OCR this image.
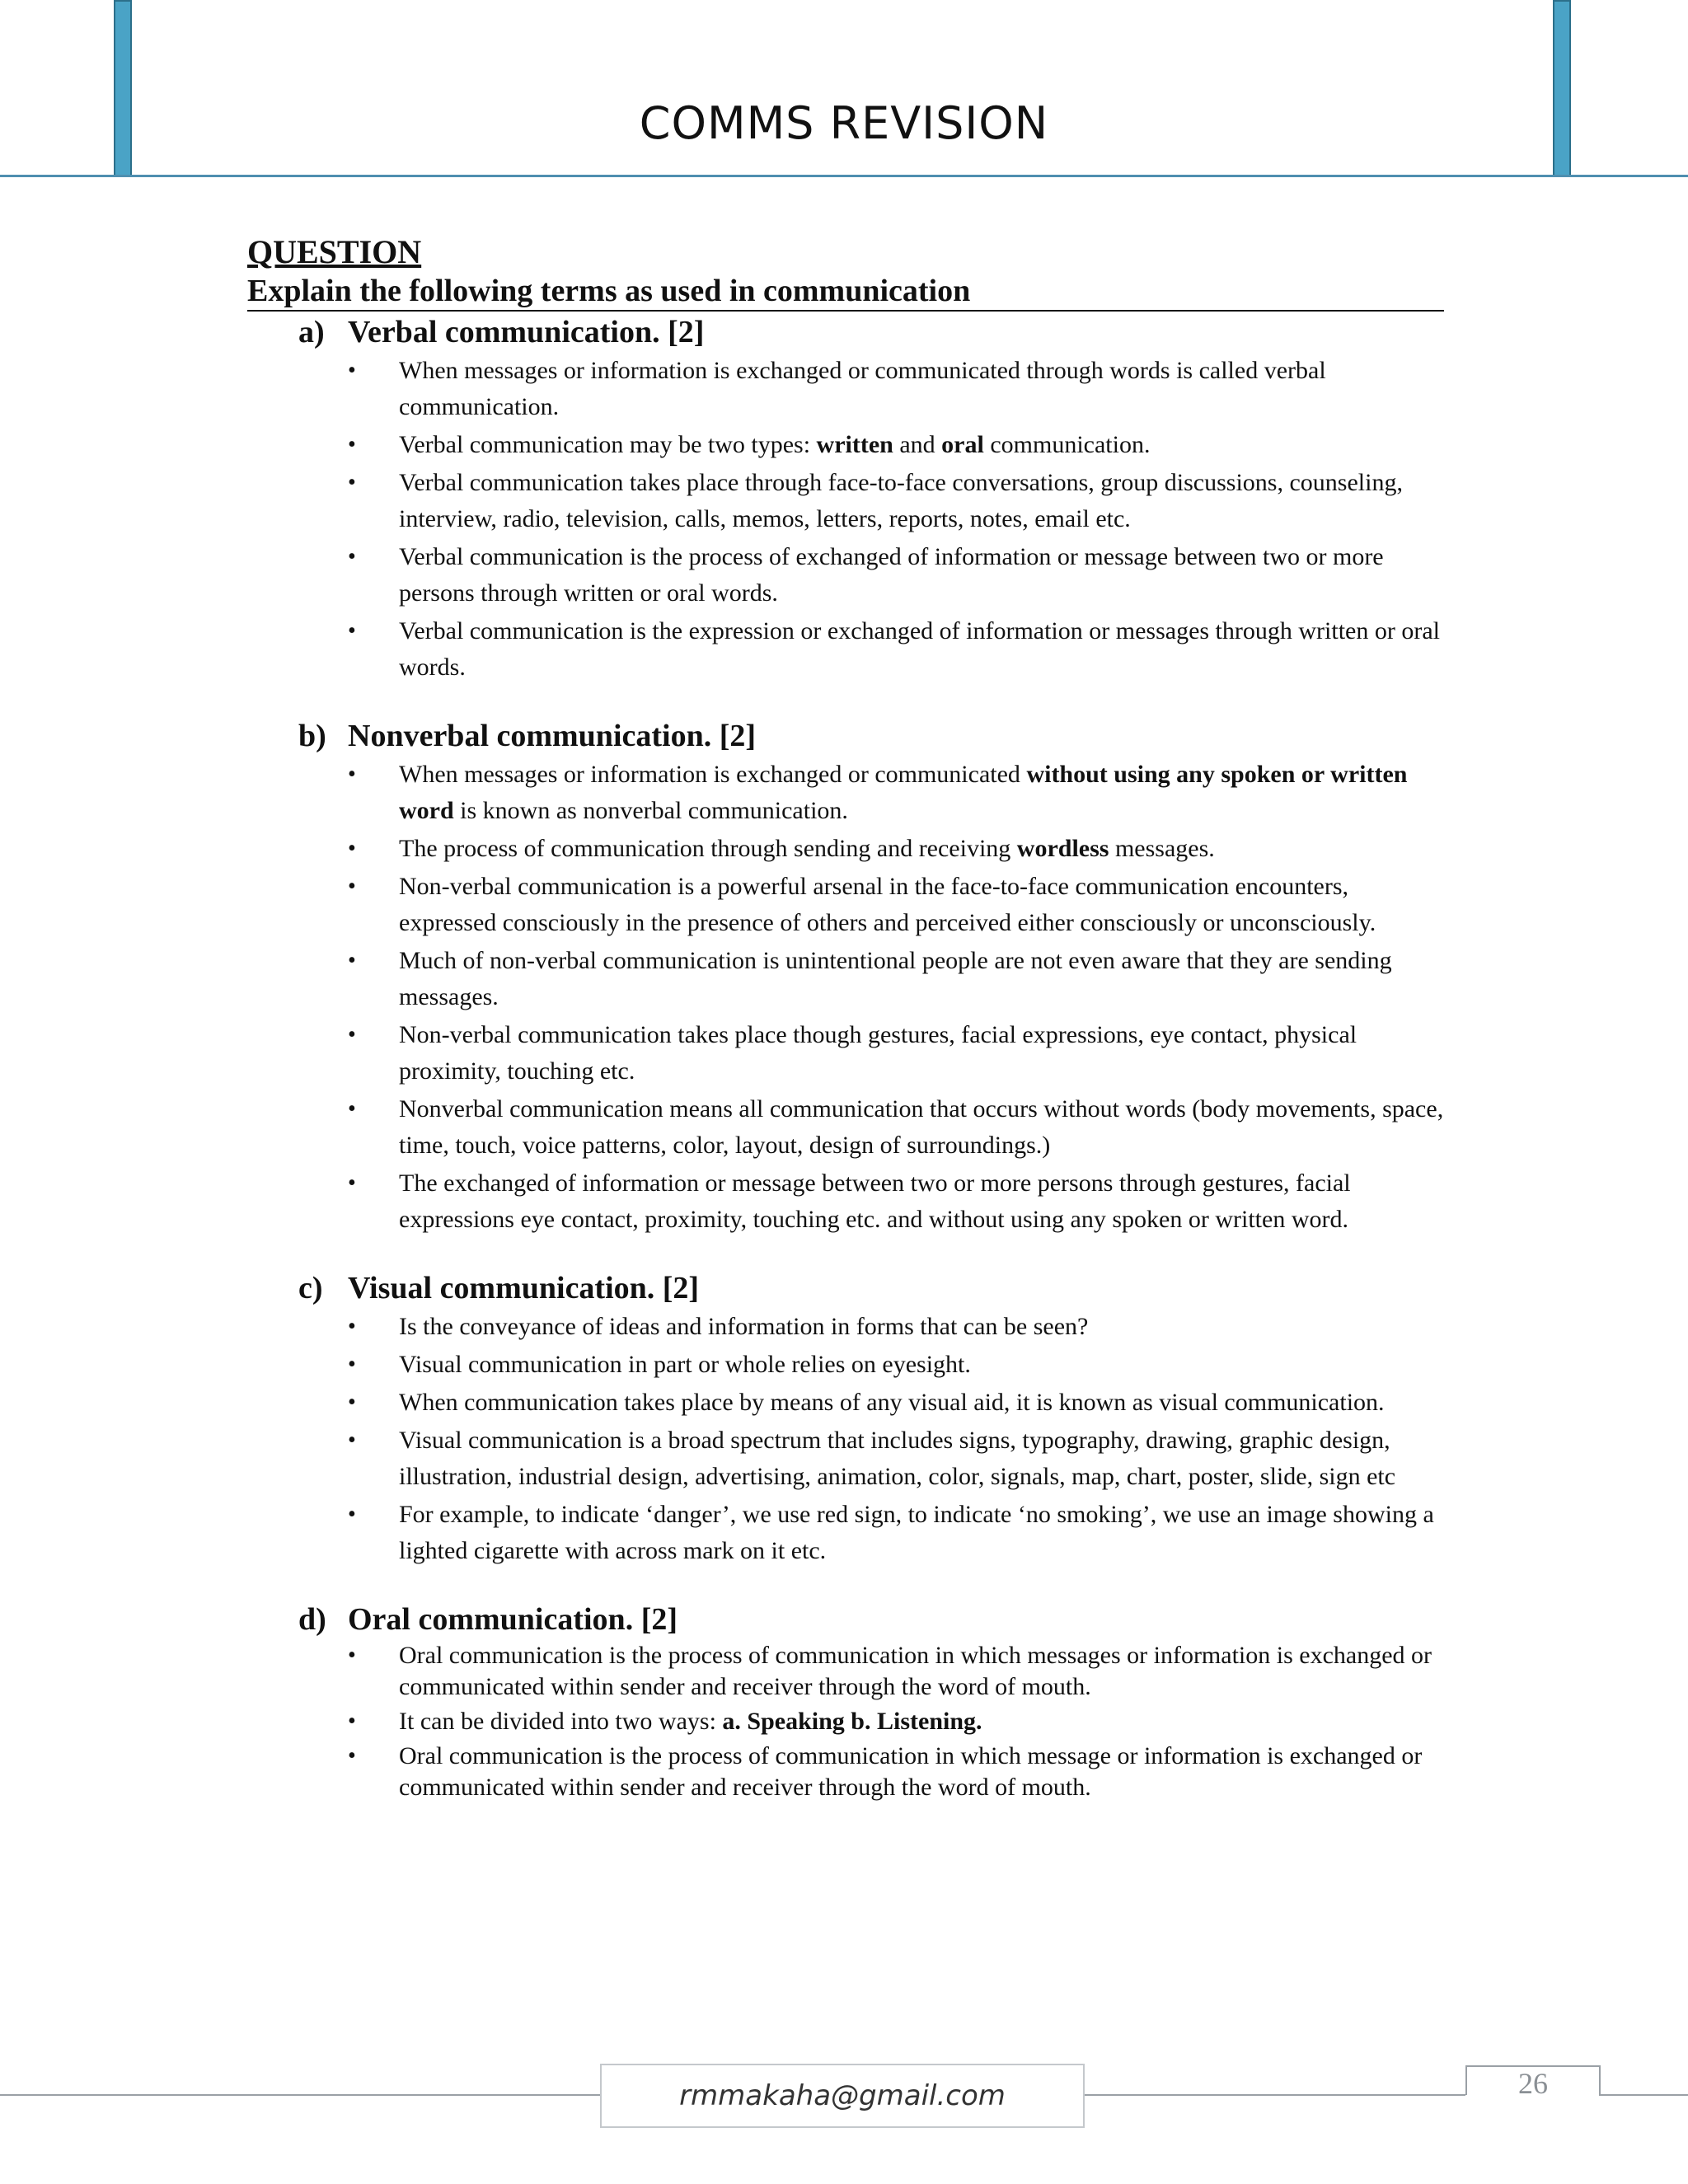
COMMS REVISION
QUESTION
Explain the following terms as used in communication
a) Verbal communication. [2]
• When messages or information is exchanged or communicated through words is called verbal communication.
• Verbal communication may be two types: written and oral communication.
• Verbal communication takes place through face-to-face conversations, group discussions, counseling, interview, radio, television, calls, memos, letters, reports, notes, email etc.
• Verbal communication is the process of exchanged of information or message between two or more persons through written or oral words.
• Verbal communication is the expression or exchanged of information or messages through written or oral words.
b) Nonverbal communication. [2]
• When messages or information is exchanged or communicated without using any spoken or written word is known as nonverbal communication.
• The process of communication through sending and receiving wordless messages.
• Non-verbal communication is a powerful arsenal in the face-to-face communication encounters, expressed consciously in the presence of others and perceived either consciously or unconsciously.
• Much of non-verbal communication is unintentional people are not even aware that they are sending messages.
• Non-verbal communication takes place though gestures, facial expressions, eye contact, physical proximity, touching etc.
• Nonverbal communication means all communication that occurs without words (body movements, space, time, touch, voice patterns, color, layout, design of surroundings.)
• The exchanged of information or message between two or more persons through gestures, facial expressions eye contact, proximity, touching etc. and without using any spoken or written word.
c) Visual communication. [2]
• Is the conveyance of ideas and information in forms that can be seen?
• Visual communication in part or whole relies on eyesight.
• When communication takes place by means of any visual aid, it is known as visual communication.
• Visual communication is a broad spectrum that includes signs, typography, drawing, graphic design, illustration, industrial design, advertising, animation, color, signals, map, chart, poster, slide, sign etc
• For example, to indicate ‘danger’, we use red sign, to indicate ‘no smoking’, we use an image showing a lighted cigarette with across mark on it etc.
d) Oral communication. [2]
• Oral communication is the process of communication in which messages or information is exchanged or communicated within sender and receiver through the word of mouth.
• It can be divided into two ways: a. Speaking b. Listening.
• Oral communication is the process of communication in which message or information is exchanged or communicated within sender and receiver through the word of mouth.
rmmakaha@gmail.com	26
